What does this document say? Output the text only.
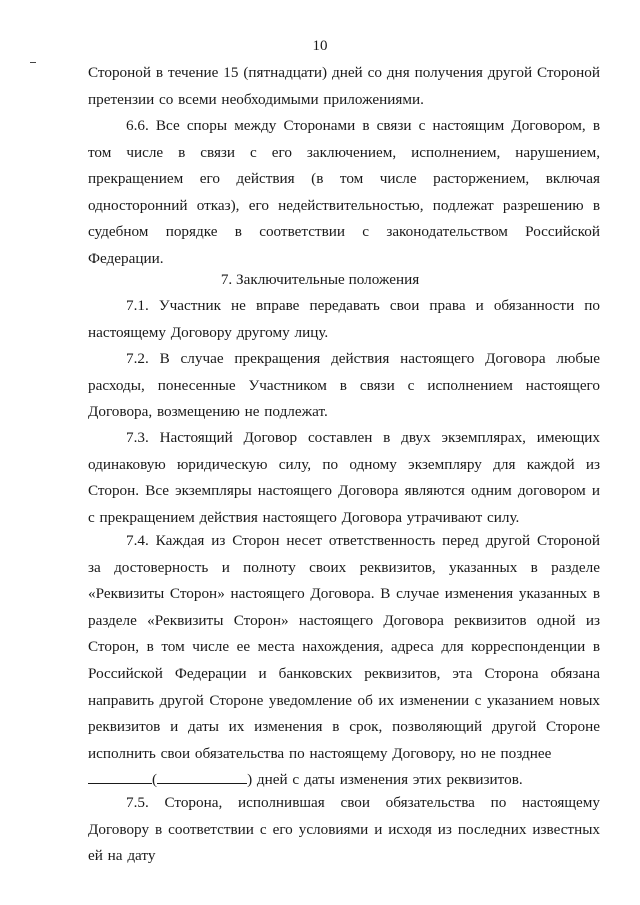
10

Стороной в течение 15 (пятнадцати) дней со дня получения другой Стороной претензии со всеми необходимыми приложениями.

6.6. Все споры между Сторонами в связи с настоящим Договором, в том числе в связи с его заключением, исполнением, нарушением, прекращением его действия (в том числе расторжением, включая односторонний отказ), его недействительностью, подлежат разрешению в судебном порядке в соответствии с законодательством Российской Федерации.

7. Заключительные положения

7.1. Участник не вправе передавать свои права и обязанности по настоящему Договору другому лицу.

7.2. В случае прекращения действия настоящего Договора любые расходы, понесенные Участником в связи с исполнением настоящего Договора, возмещению не подлежат.

7.3. Настоящий Договор составлен в двух экземплярах, имеющих одинаковую юридическую силу, по одному экземпляру для каждой из Сторон. Все экземпляры настоящего Договора являются одним договором и с прекращением действия настоящего Договора утрачивают силу.

7.4. Каждая из Сторон несет ответственность перед другой Стороной за достоверность и полноту своих реквизитов, указанных в разделе «Реквизиты Сторон» настоящего Договора. В случае изменения указанных в разделе «Реквизиты Сторон» настоящего Договора реквизитов одной из Сторон, в том числе ее места нахождения, адреса для корреспонденции в Российской Федерации и банковских реквизитов, эта Сторона обязана направить другой Стороне уведомление об их изменении с указанием новых реквизитов и даты их изменения в срок, позволяющий другой Стороне исполнить свои обязательства по настоящему Договору, но не позднее
(	) дней с даты изменения этих реквизитов.

7.5. Сторона, исполнившая свои обязательства по настоящему Договору в соответствии с его условиями и исходя из последних известных ей на дату
